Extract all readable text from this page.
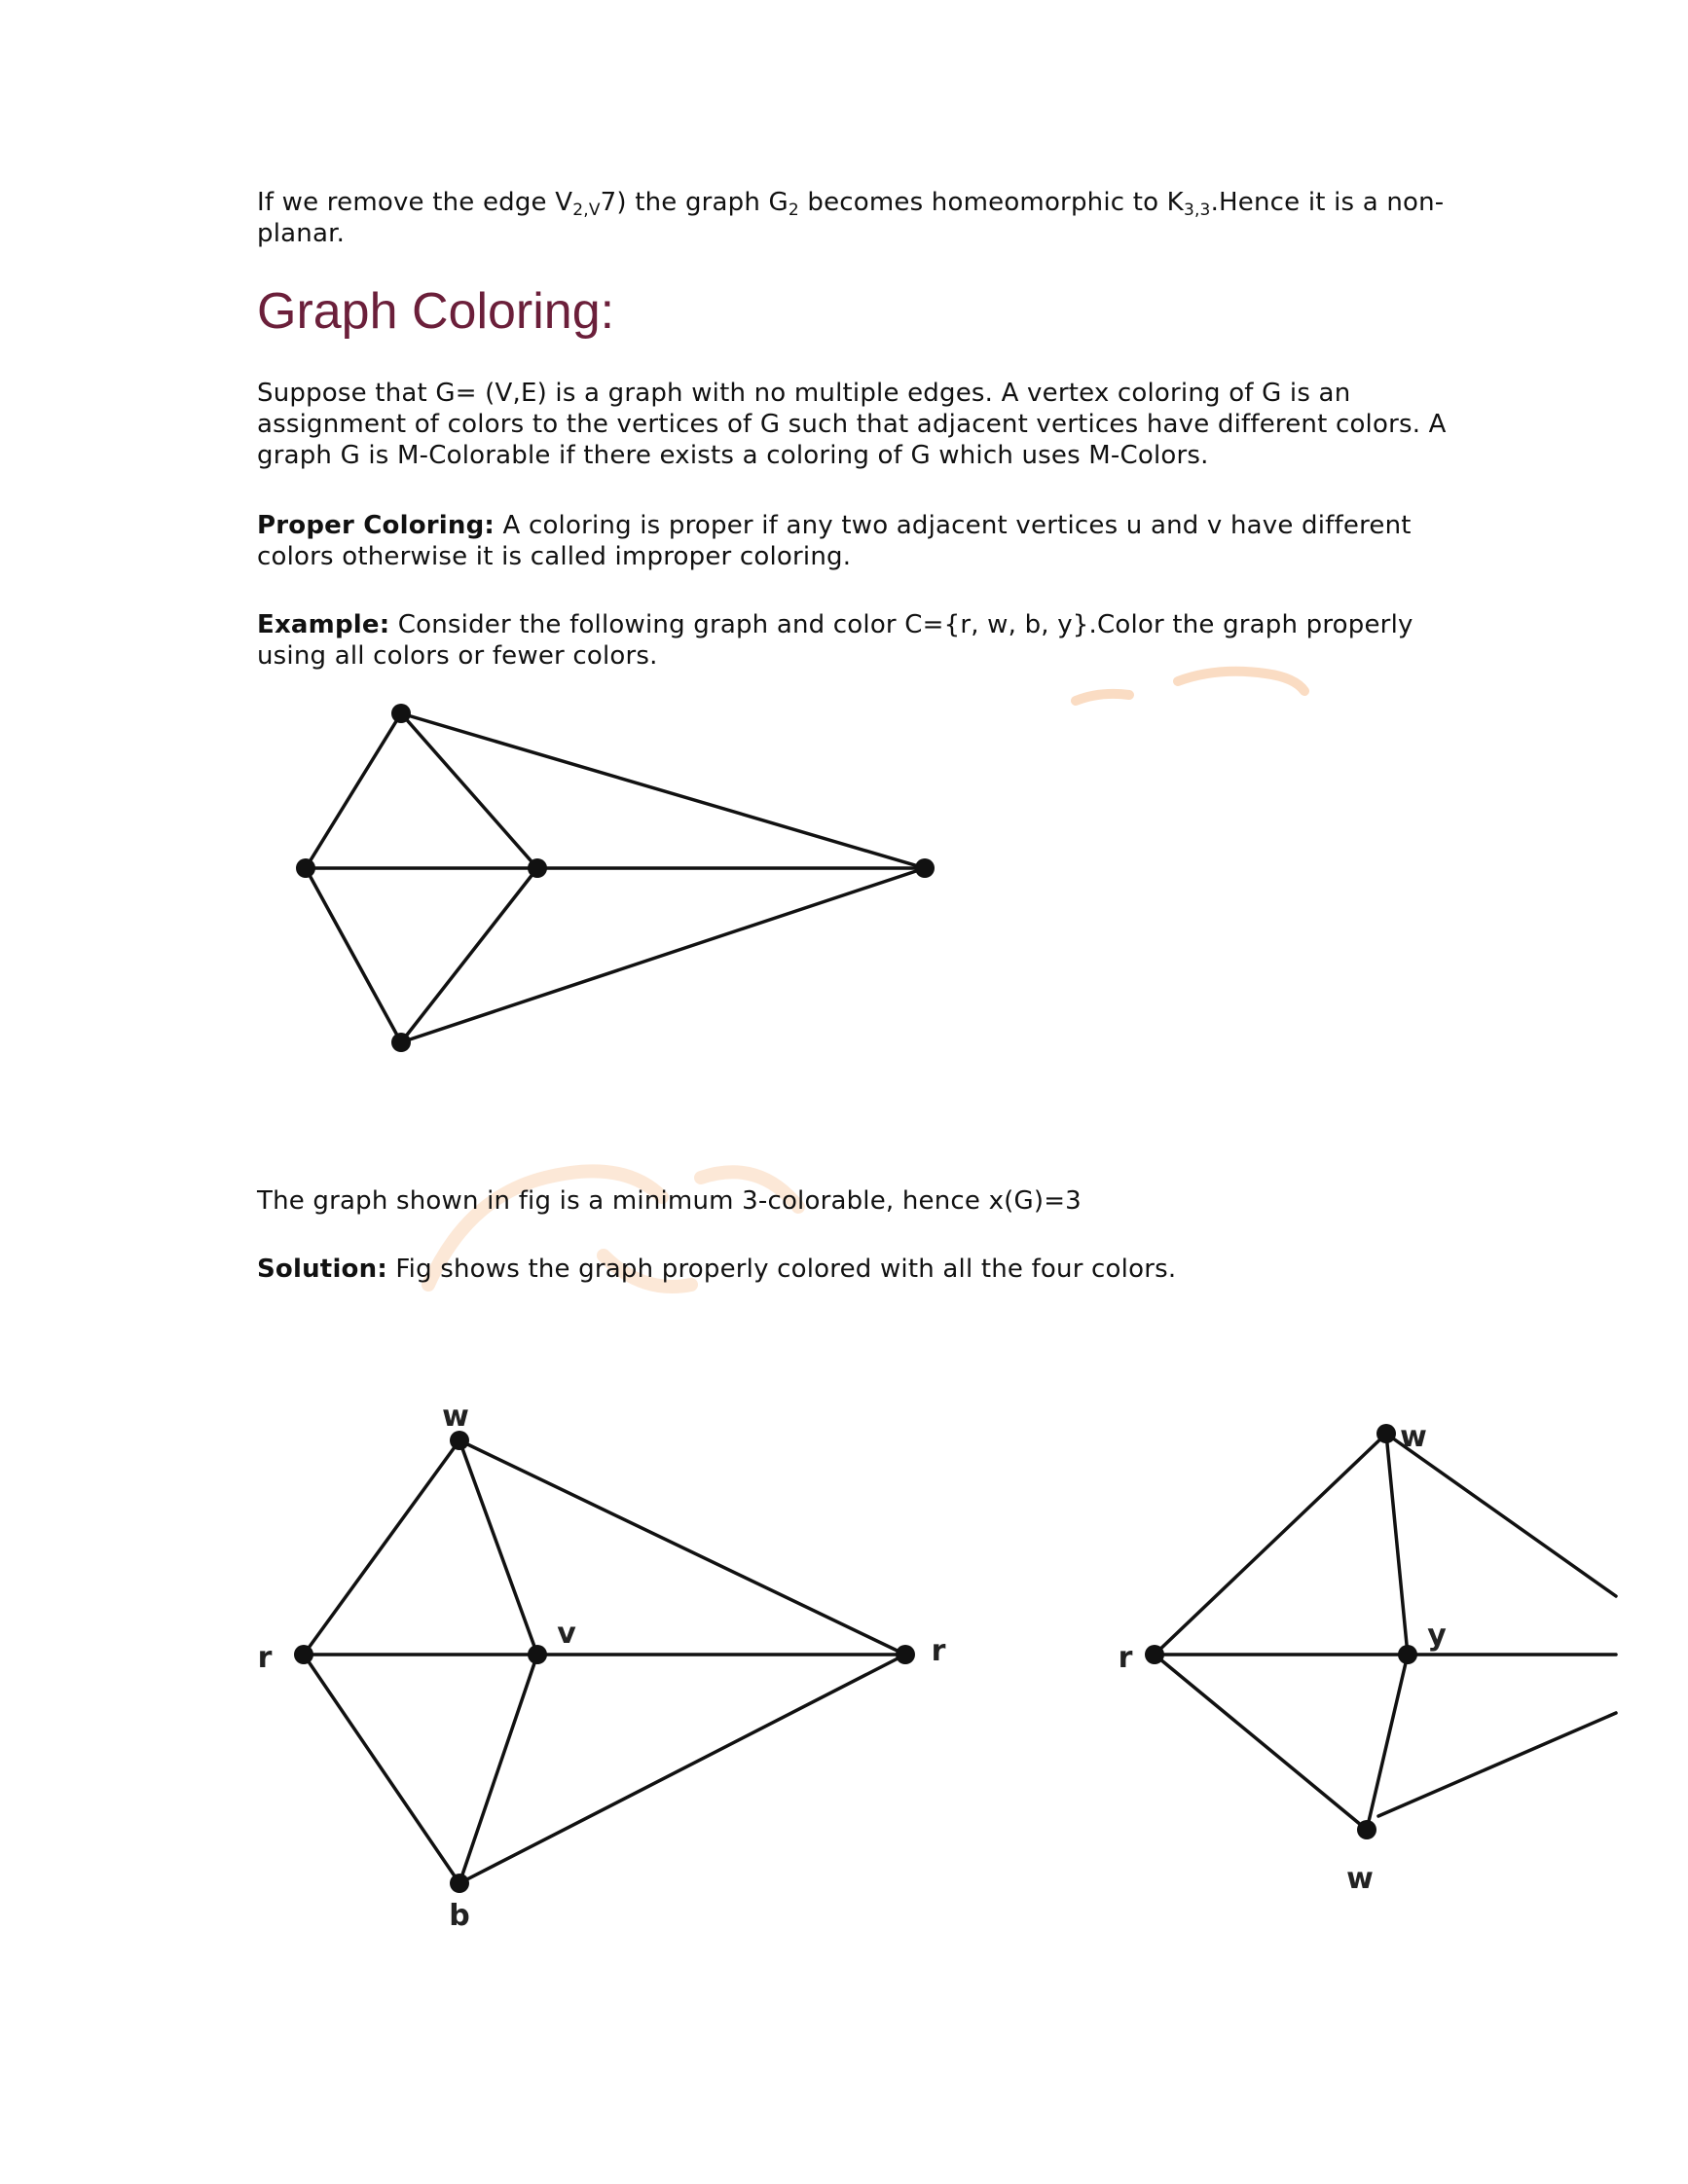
If we remove the edge $V_{2,V}7$) the graph $G_2$ becomes homeomorphic to $K_{3,3}.Hence$ it is a non-planar.

Graph Coloring:

Suppose that G= (V,E) is a graph with no multiple edges. A vertex coloring of G is an assignment of colors to the vertices of G such that adjacent vertices have different colors. A graph G is M-Colorable if there exists a coloring of G which uses M-Colors.

Proper Coloring: A coloring is proper if any two adjacent vertices u and v have different colors otherwise it is called improper coloring.

Example: Consider the following graph and color C={r, w, b, y}.Color the graph properly using all colors or fewer colors.

The graph shown in fig is a minimum 3-colorable, hence x(G)=3

Solution: Fig shows the graph properly colored with all the four colors.

w
r
v
r
b
w
r
y
w
